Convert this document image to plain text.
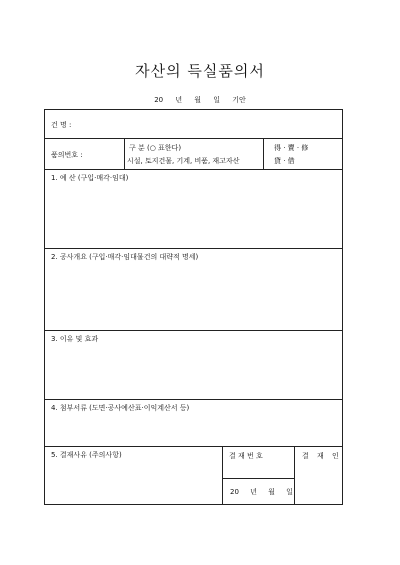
자산의 득실품의서
20 년 월 일 기안
건 명 :
품의번호 :
구 분 (○ 표한다)
시설, 토지건물, 기계, 비품, 재고자산
得 · 賣 · 修
貸 · 借
1. 예 산 (구입·매각·임대)
2. 공사개요 (구입·매각·임대물건의 대략적 명세)
3. 이유 및 효과
4. 첨부서류 (도면·공사예산표·이익계산서 등)
5. 결재사유 (주의사항)	결 재 번 호
20 년 월 일
결 재 인
